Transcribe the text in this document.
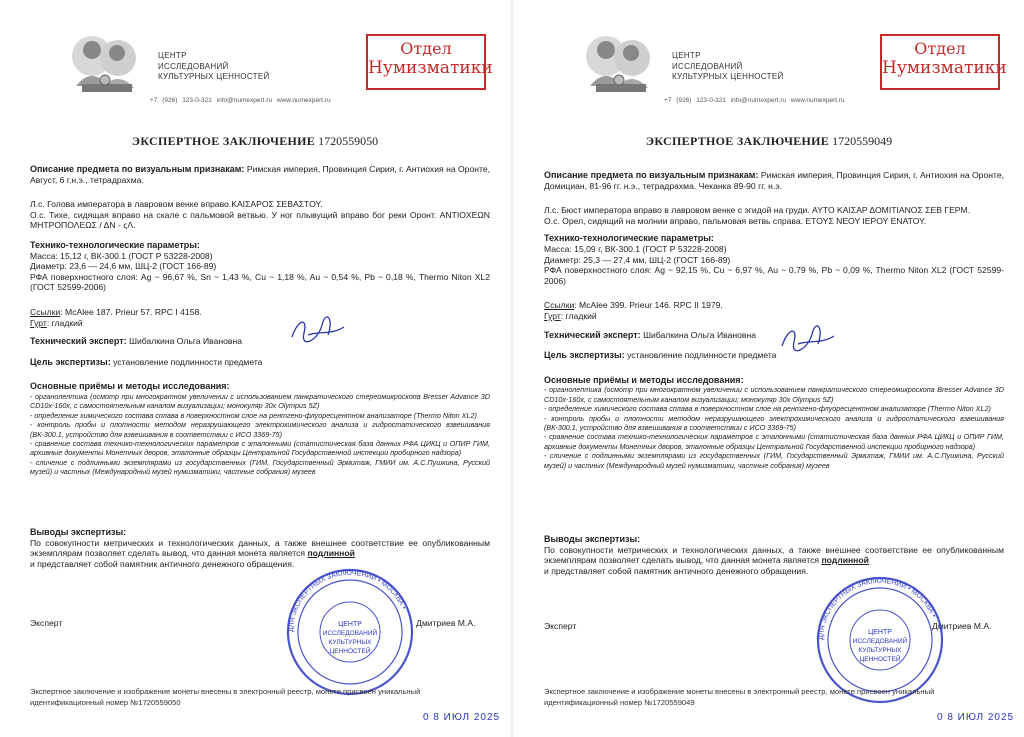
ЦЕНТР
ИССЛЕДОВАНИЙ
КУЛЬТУРНЫХ ЦЕННОСТЕЙ
Отдел
Нумизматики
+7 (926) 123-0-321 info@numexpert.ru www.numexpert.ru
ЭКСПЕРТНОЕ ЗАКЛЮЧЕНИЕ 1720559050

Описание предмета по визуальным признакам: Римская империя, Провинция Сирия, г. Антиохия на Оронте, Август, 6 г.н.э., тетрадрахма.

Л.с. Голова императора в лавровом венке вправо.ΚΑΙΣΑΡΟΣ ΣΕΒΑΣΤΟΥ.

О.с. Тихе, сидящая вправо на скале с пальмовой ветвью. У ног плывущий вправо бог реки Оронт. ΑΝΤΙΟΧΕΩΝ ΜΗΤΡΟΠΟΛΕΩΣ / ΔΝ - ςΛ.

Технико-технологические параметры:

Масса: 15,12 г, ВК-300.1 (ГОСТ Р 53228-2008)

Диаметр: 23,6 — 24,6 мм, ШЦ-2 (ГОСТ 166-89)

РФА поверхностного слоя: Ag ~ 96,67 %, Sn ~ 1,43 %, Cu ~ 1,18 %, Au ~ 0,54 %, Pb ~ 0,18 %, Thermo Niton XL2 (ГОСТ 52599-2006)

Ссылки: McAlee 187. Prieur 57. RPC I 4158.

Гурт: гладкий

Технический эксперт: Шибалкина Ольга Ивановна

Цель экспертизы: установление подлинности предмета

Основные приёмы и методы исследования:

- органолептика (осмотр при многократном увеличении с использованием панкратического стереомикроскопа Bresser Advance 3D CD10x-160x, с самостоятельным каналом визуализации; монокуляр 30x Olympus 5Z)
- определение химического состава сплава в поверхностном слое на рентгено-флуоресцентном анализаторе (Thermo Niton XL2)
- контроль пробы и плотности методом неразрушающего электрохимического анализа и гидростатического взвешивания (ВК-300.1, устройство для взвешивания в соответствии с ИСО 3369-75)
- сравнение состава технико-технологических параметров с эталонными (статистическая база данных РФА ЦИКЦ и ОПИР ГИМ, архивные документы Монетных дворов, эталонные образцы Центральной Государственной инспекции пробирного надзора)
- сличение с подлинными экземплярами из государственных (ГИМ, Государственный Эрмитаж, ГМИИ им. А.С.Пушкина, Русский музей) и частных (Международный музей нумизматики, частные собрания) музеев

Выводы экспертизы:

По совокупности метрических и технологических данных, а также внешнее соответствие ее опубликованным экземплярам позволяет сделать вывод, что данная монета является подлинной
и представляет собой памятник античного денежного обращения.

Эксперт	Дмитриев М.А.
ДЛЯ ЭКСПЕРТНЫХ ЗАКЛЮЧЕНИЙ • МОСКВА •
ЦЕНТР
ИССЛЕДОВАНИЙ
КУЛЬТУРНЫХ
ЦЕННОСТЕЙ
Экспертное заключение и изображение монеты внесены в электронный реестр, монете присвоен уникальный идентификационный номер №1720559050
0 8 ИЮЛ 2025
ЦЕНТР
ИССЛЕДОВАНИЙ
КУЛЬТУРНЫХ ЦЕННОСТЕЙ
Отдел
Нумизматики
+7 (926) 123-0-321 info@numexpert.ru www.numexpert.ru
ЭКСПЕРТНОЕ ЗАКЛЮЧЕНИЕ 1720559049

Описание предмета по визуальным признакам: Римская империя, Провинция Сирия, г. Антиохия на Оронте, Домициан, 81-96 гг. н.э., тетрадрахма. Чеканка 89-90 гг. н.э.

Л.с. Бюст императора вправо в лавровом венке с эгидой на груди. ΑΥΤΟ ΚΑΙΣΑΡ ΔΟΜΙΤΙΑΝΟΣ ΣΕΒ ΓΕΡΜ.

О.с. Орел, сидящий на молнии вправо, пальмовая ветвь справа. ΕΤΟΥΣ ΝΕΟΥ ΙΕΡΟΥ ΕΝΑΤΟΥ.

Технико-технологические параметры:

Масса: 15,09 г, ВК-300.1 (ГОСТ Р 53228-2008)

Диаметр: 25,3 — 27,4 мм, ШЦ-2 (ГОСТ 166-89)

РФА поверхностного слоя: Ag ~ 92,15 %, Cu ~ 6,97 %, Au ~ 0,79 %, Pb ~ 0,09 %, Thermo Niton XL2 (ГОСТ 52599-2006)

Ссылки: McAlee 399. Prieur 146. RPC II 1979.

Гурт: гладкий

Технический эксперт: Шибалкина Ольга Ивановна

Цель экспертизы: установление подлинности предмета

Основные приёмы и методы исследования:

- органолептика (осмотр при многократном увеличении с использованием панкратического стереомикроскопа Bresser Advance 3D CD10x-160x, с самостоятельным каналом визуализации; монокуляр 30x Olympus 5Z)
- определение химического состава сплава в поверхностном слое на рентгено-флуоресцентном анализаторе (Thermo Niton XL2)
- контроль пробы и плотности методом неразрушающего электрохимического анализа и гидростатического взвешивания (ВК-300.1, устройство для взвешивания в соответствии с ИСО 3369-75)
- сравнение состава технико-технологических параметров с эталонными (статистическая база данных РФА ЦИКЦ и ОПИР ГИМ, архивные документы Монетных дворов, эталонные образцы Центральной Государственной инспекции пробирного надзора)
- сличение с подлинными экземплярами из государственных (ГИМ, Государственный Эрмитаж, ГМИИ им. А.С.Пушкина, Русский музей) и частных (Международный музей нумизматики, частные собрания) музеев

Выводы экспертизы:

По совокупности метрических и технологических данных, а также внешнее соответствие ее опубликованным экземплярам позволяет сделать вывод, что данная монета является подлинной
и представляет собой памятник античного денежного обращения.

Эксперт	Дмитриев М.А.
ДЛЯ ЭКСПЕРТНЫХ ЗАКЛЮЧЕНИЙ • МОСКВА •
ЦЕНТР
ИССЛЕДОВАНИЙ
КУЛЬТУРНЫХ
ЦЕННОСТЕЙ
Экспертное заключение и изображение монеты внесены в электронный реестр, монете присвоен уникальный идентификационный номер №1720559049
0 8 ИЮЛ 2025
